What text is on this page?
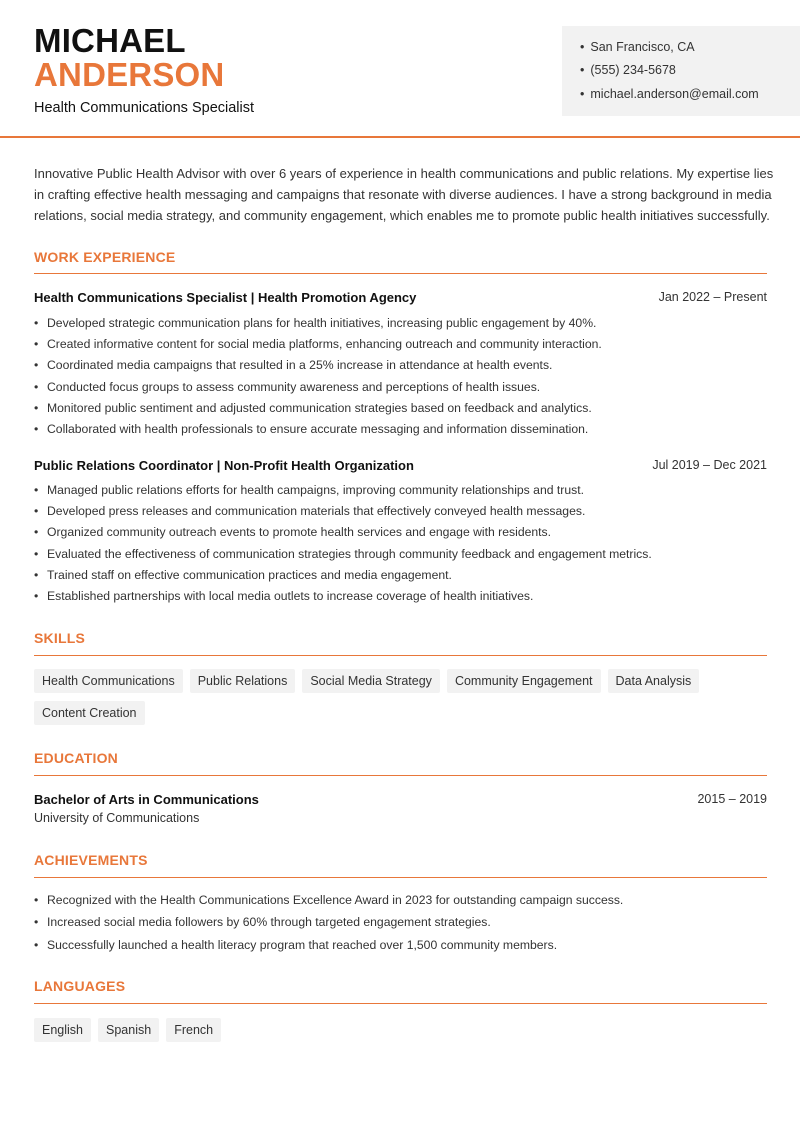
MICHAEL
ANDERSON
Health Communications Specialist
• San Francisco, CA
• (555) 234-5678
• michael.anderson@email.com

Innovative Public Health Advisor with over 6 years of experience in health communications and public relations. My expertise lies in crafting effective health messaging and campaigns that resonate with diverse audiences. I have a strong background in media relations, social media strategy, and community engagement, which enables me to promote public health initiatives successfully.

WORK EXPERIENCE
Health Communications Specialist | Health Promotion Agency	Jan 2022 – Present
• Developed strategic communication plans for health initiatives, increasing public engagement by 40%.
• Created informative content for social media platforms, enhancing outreach and community interaction.
• Coordinated media campaigns that resulted in a 25% increase in attendance at health events.
• Conducted focus groups to assess community awareness and perceptions of health issues.
• Monitored public sentiment and adjusted communication strategies based on feedback and analytics.
• Collaborated with health professionals to ensure accurate messaging and information dissemination.
Public Relations Coordinator | Non-Profit Health Organization	Jul 2019 – Dec 2021
• Managed public relations efforts for health campaigns, improving community relationships and trust.
• Developed press releases and communication materials that effectively conveyed health messages.
• Organized community outreach events to promote health services and engage with residents.
• Evaluated the effectiveness of communication strategies through community feedback and engagement metrics.
• Trained staff on effective communication practices and media engagement.
• Established partnerships with local media outlets to increase coverage of health initiatives.
SKILLS
Health Communications	Public Relations	Social Media Strategy	Community Engagement	Data Analysis
Content Creation
EDUCATION
Bachelor of Arts in Communications	2015 – 2019
University of Communications
ACHIEVEMENTS
• Recognized with the Health Communications Excellence Award in 2023 for outstanding campaign success.
• Increased social media followers by 60% through targeted engagement strategies.
• Successfully launched a health literacy program that reached over 1,500 community members.
LANGUAGES
English	Spanish	French
